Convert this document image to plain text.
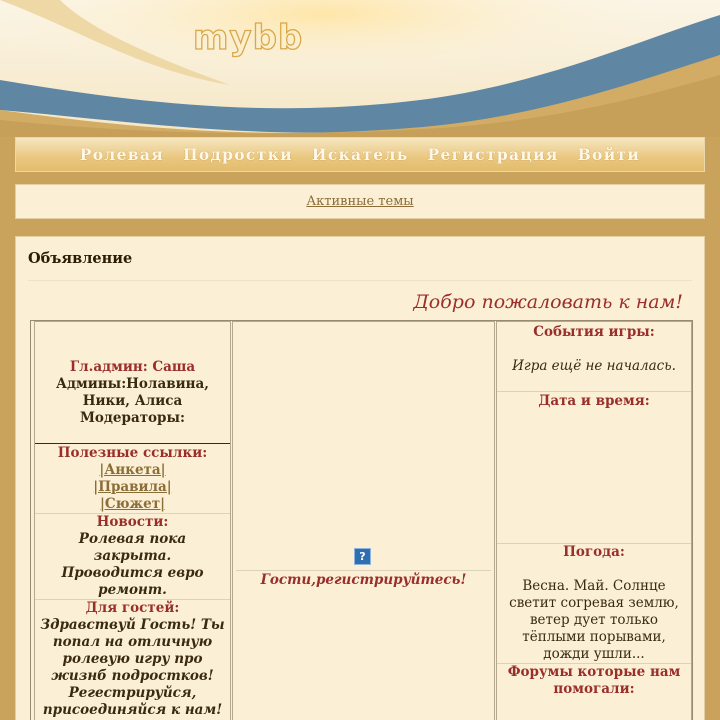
mybb
Ролевая Подростки Искатель Регистрация Войти
Активные темы
Объявление
Добро пожаловать к нам!
Гл.админ: Саша
Админы:Нолавина, Ники, Алиса
Модераторы:
Полезные ссылки:
|Анкета|
|Правила|
|Сюжет|
Новости:
Ролевая пока закрыта. Проводится евро ремонт.
Для гостей:
Здравствуй Гость! Ты попал на отличную ролевую игру про жизнб подростков! Регестрируйся, присоединяйся к нам!
?
Гости,регистрируйтесь!
События игры:
Игра ещё не началась.
Дата и время:
Погода:
Весна. Май. Солнце светит согревая землю, ветер дует только тёплыми порывами, дожди ушли...
Форумы которые нам помогали:
